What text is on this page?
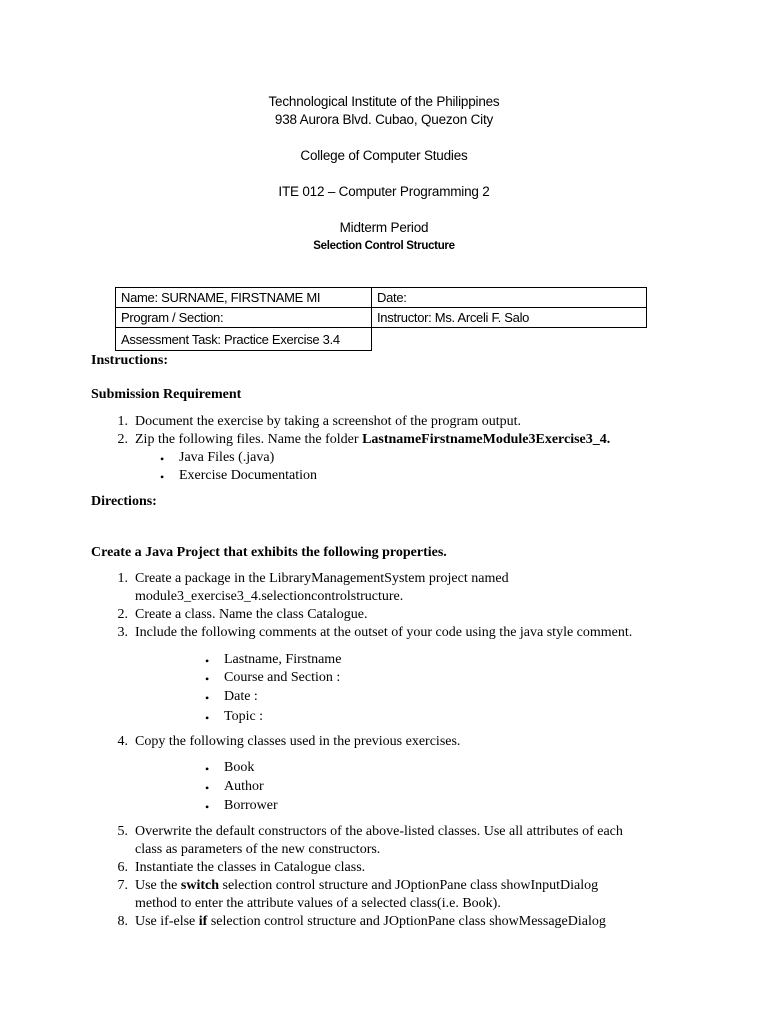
Technological Institute of the Philippines
938 Aurora Blvd. Cubao, Quezon City
College of Computer Studies
ITE 012 – Computer Programming 2
Midterm Period
Selection Control Structure
Name: SURNAME, FIRSTNAME MI	Date:
Program / Section:	Instructor: Ms. Arceli F. Salo
Assessment Task: Practice Exercise 3.4	
Instructions:
Submission Requirement
1. Document the exercise by taking a screenshot of the program output.
2. Zip the following files. Name the folder LastnameFirstnameModule3Exercise3_4.
• Java Files (.java)
• Exercise Documentation
Directions:
Create a Java Project that exhibits the following properties.
1. Create a package in the LibraryManagementSystem project named
module3_exercise3_4.selectioncontrolstructure.
2. Create a class. Name the class Catalogue.
3. Include the following comments at the outset of your code using the java style comment.
• Lastname, Firstname
• Course and Section :
• Date :
• Topic :
4. Copy the following classes used in the previous exercises.
• Book
• Author
• Borrower
5. Overwrite the default constructors of the above-listed classes. Use all attributes of each
class as parameters of the new constructors.
6. Instantiate the classes in Catalogue class.
7. Use the switch selection control structure and JOptionPane class showInputDialog
method to enter the attribute values of a selected class(i.e. Book).
8. Use if-else if selection control structure and JOptionPane class showMessageDialog
